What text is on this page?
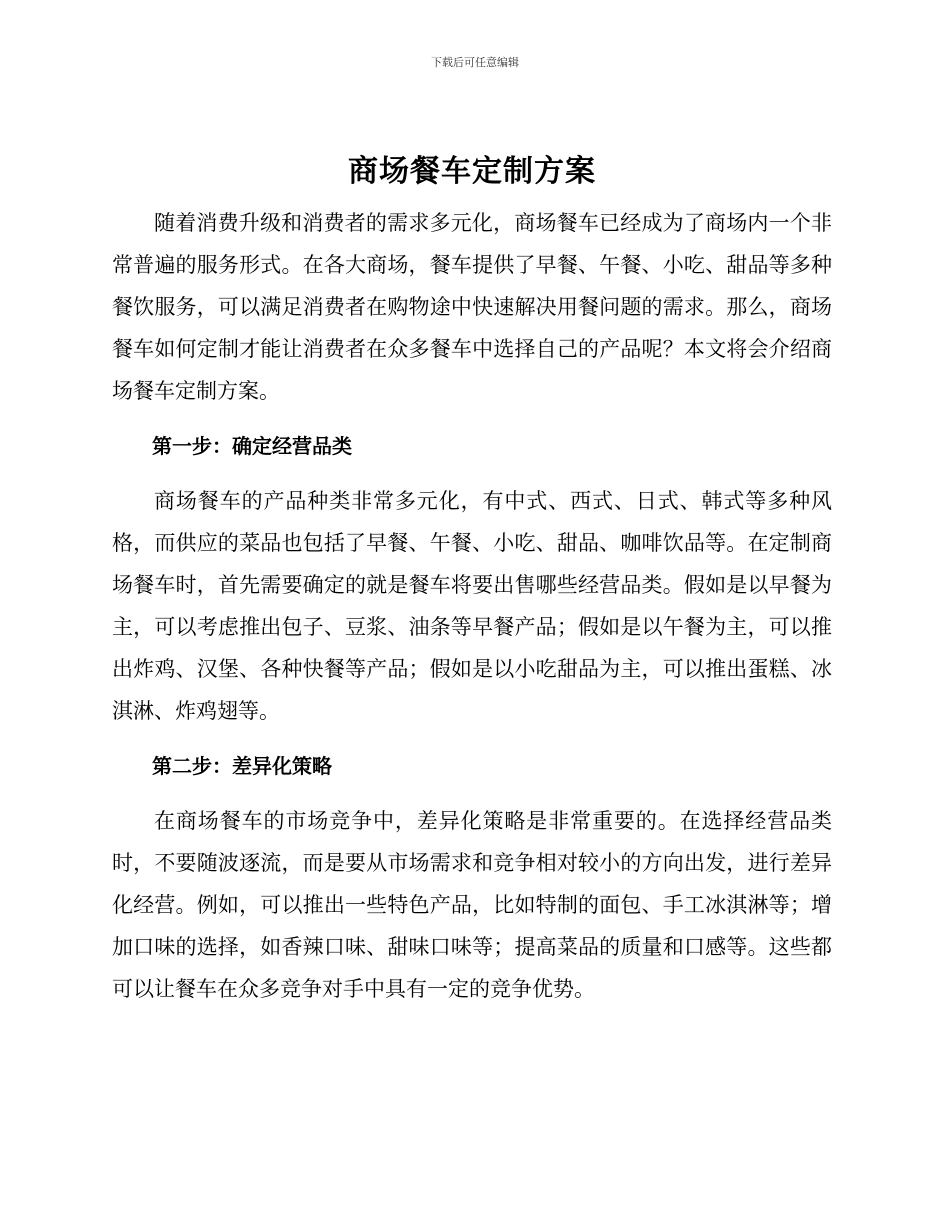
下载后可任意编辑
商场餐车定制方案

随着消费升级和消费者的需求多元化，商场餐车已经成为了商场内一个非常普遍的服务形式。在各大商场，餐车提供了早餐、午餐、小吃、甜品等多种餐饮服务，可以满足消费者在购物途中快速解决用餐问题的需求。那么，商场餐车如何定制才能让消费者在众多餐车中选择自己的产品呢？本文将会介绍商场餐车定制方案。

第一步：确定经营品类

商场餐车的产品种类非常多元化，有中式、西式、日式、韩式等多种风格，而供应的菜品也包括了早餐、午餐、小吃、甜品、咖啡饮品等。在定制商场餐车时，首先需要确定的就是餐车将要出售哪些经营品类。假如是以早餐为主，可以考虑推出包子、豆浆、油条等早餐产品；假如是以午餐为主，可以推出炸鸡、汉堡、各种快餐等产品；假如是以小吃甜品为主，可以推出蛋糕、冰淇淋、炸鸡翅等。

第二步：差异化策略

在商场餐车的市场竞争中，差异化策略是非常重要的。在选择经营品类时，不要随波逐流，而是要从市场需求和竞争相对较小的方向出发，进行差异化经营。例如，可以推出一些特色产品，比如特制的面包、手工冰淇淋等；增加口味的选择，如香辣口味、甜味口味等；提高菜品的质量和口感等。这些都可以让餐车在众多竞争对手中具有一定的竞争优势。
